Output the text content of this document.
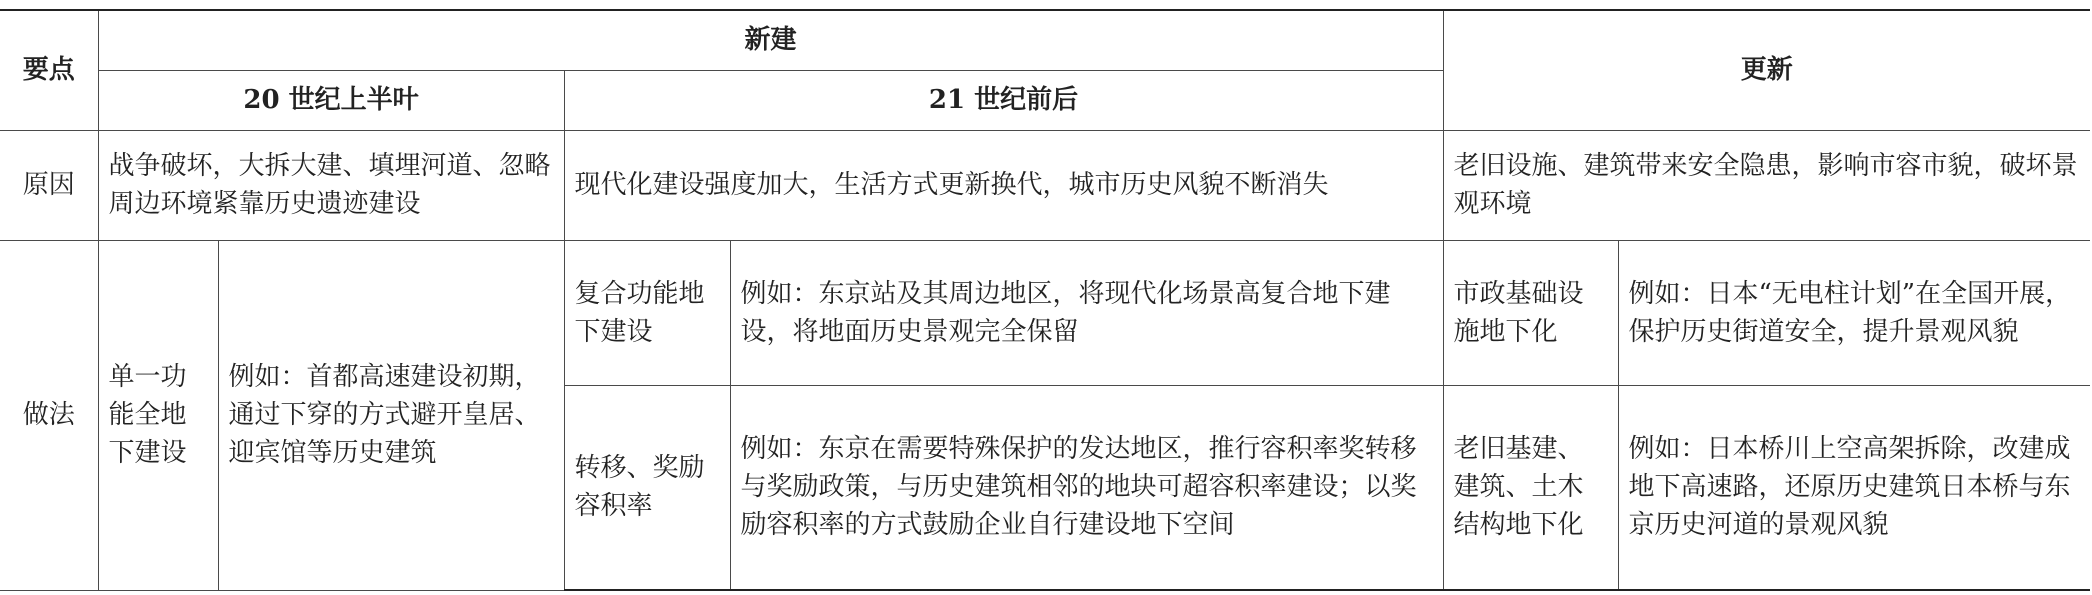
要点	新建				更新	
	20 世纪上半叶		21 世纪前后			
原因	战争破坏，大拆大建、填埋河道、忽略周边环境紧靠历史遗迹建设		现代化建设强度加大，生活方式更新换代，城市历史风貌不断消失		老旧设施、建筑带来安全隐患，影响市容市貌，破坏景观环境	
做法	单一功能全地下建设	例如：首都高速建设初期，通过下穿的方式避开皇居、迎宾馆等历史建筑	复合功能地下建设	例如：东京站及其周边地区，将现代化场景高复合地下建设，将地面历史景观完全保留	市政基础设施地下化	例如：日本“无电柱计划”在全国开展，保护历史街道安全，提升景观风貌
			转移、奖励容积率	例如：东京在需要特殊保护的发达地区，推行容积率奖转移与奖励政策，与历史建筑相邻的地块可超容积率建设；以奖励容积率的方式鼓励企业自行建设地下空间	老旧基建、建筑、土木结构地下化	例如：日本桥川上空高架拆除，改建成地下高速路，还原历史建筑日本桥与东京历史河道的景观风貌
